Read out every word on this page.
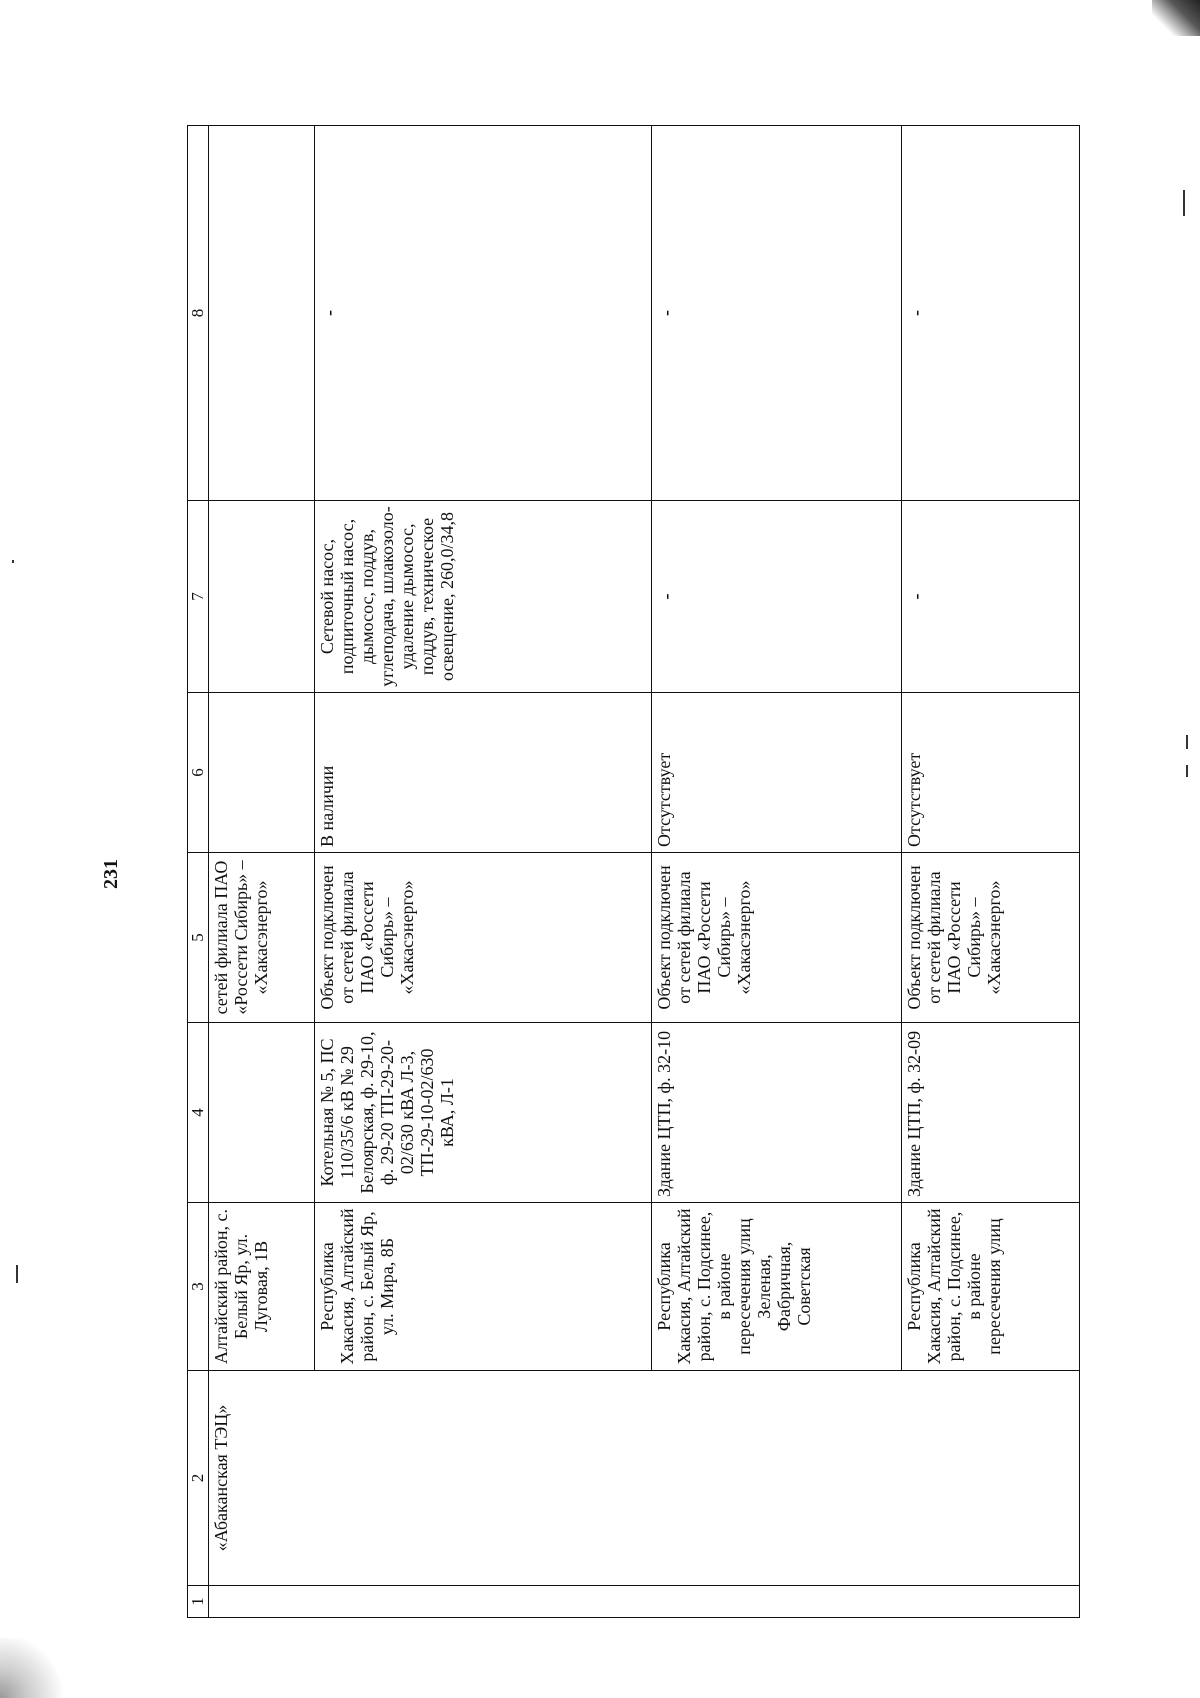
231
1	2	3	4	5	6	7	8
	«Абаканская ТЭЦ»	Алтайский район, с. Белый Яр, ул. Луговая, 1В		сетей филиала ПАО «Россети Сибирь» – «Хакасэнерго»			
		Республика Хакасия, Алтайский район, с. Белый Яр, ул. Мира, 8Б	Котельная № 5, ПС 110/35/6 кВ № 29 Белоярская, ф. 29-10, ф. 29-20 ТП-29-20-02/630 кВА Л-3, ТП-29-10-02/630 кВА, Л-1	Объект подключен от сетей филиала ПАО «Россети Сибирь» – «Хакасэнерго»	В наличии	Сетевой насос, подпиточный насос, дымосос, поддув, углеподача, шлакозоло-удаление дымосос, поддув, техническое освещение, 260,0/34,8	-
		Республика Хакасия, Алтайский район, с. Подсинее, в районе пересечения улиц Зеленая, Фабричная, Советская	Здание ЦТП, ф. 32-10	Объект подключен от сетей филиала ПАО «Россети Сибирь» – «Хакасэнерго»	Отсутствует	-	-
		Республика Хакасия, Алтайский район, с. Подсинее, в районе пересечения улиц	Здание ЦТП, ф. 32-09	Объект подключен от сетей филиала ПАО «Россети Сибирь» – «Хакасэнерго»	Отсутствует	-	-
